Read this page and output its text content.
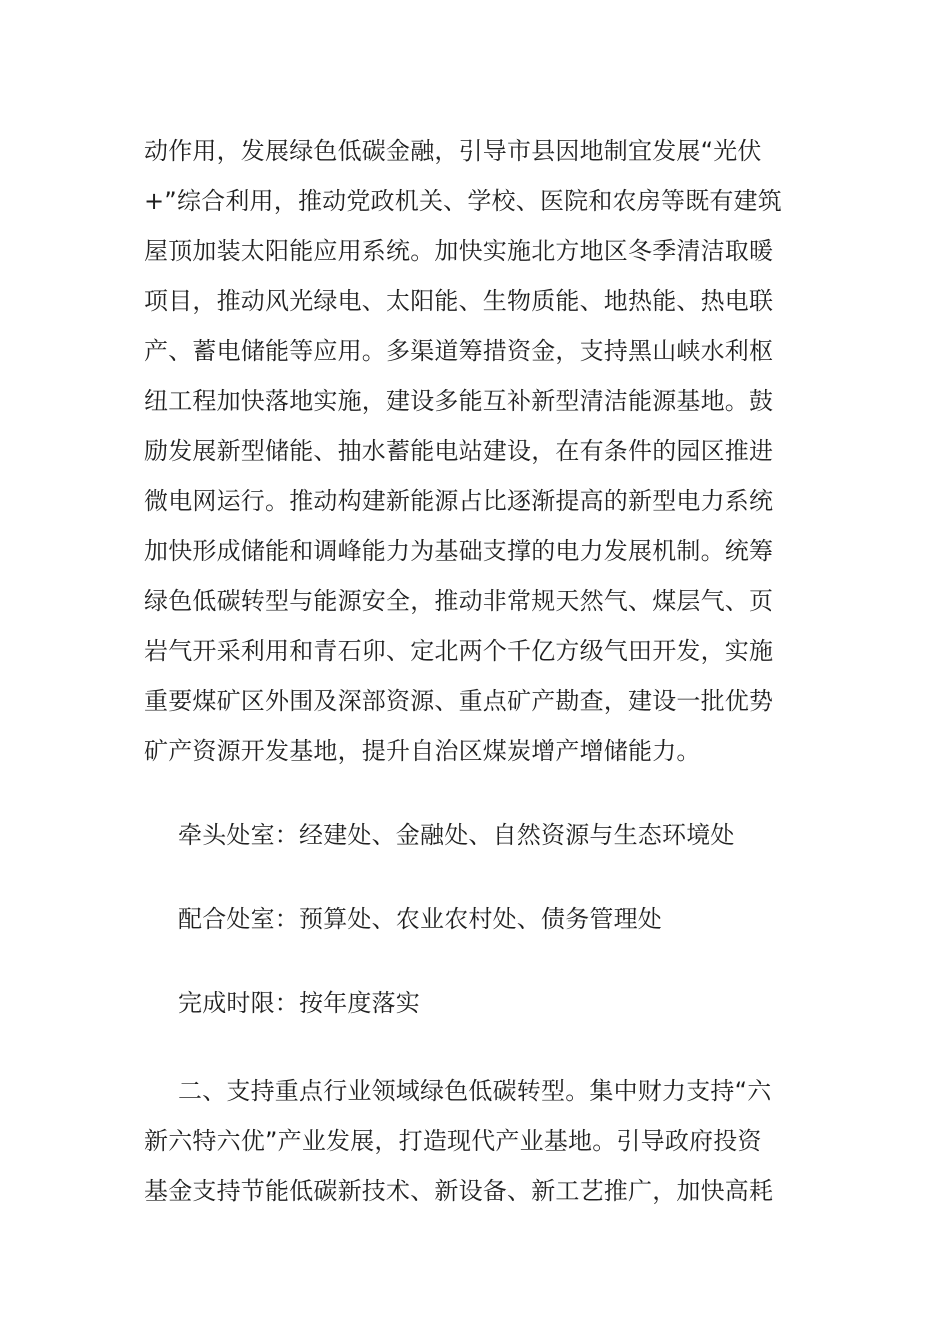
动作用，发展绿色低碳金融，引导市县因地制宜发展“光伏
+”综合利用，推动党政机关、学校、医院和农房等既有建筑
屋顶加装太阳能应用系统。加快实施北方地区冬季清洁取暖
项目，推动风光绿电、太阳能、生物质能、地热能、热电联
产、蓄电储能等应用。多渠道筹措资金，支持黑山峡水利枢
纽工程加快落地实施，建设多能互补新型清洁能源基地。鼓
励发展新型储能、抽水蓄能电站建设，在有条件的园区推进
微电网运行。推动构建新能源占比逐渐提高的新型电力系统
加快形成储能和调峰能力为基础支撑的电力发展机制。统筹
绿色低碳转型与能源安全，推动非常规天然气、煤层气、页
岩气开采利用和青石卯、定北两个千亿方级气田开发，实施
重要煤矿区外围及深部资源、重点矿产勘查，建设一批优势
矿产资源开发基地，提升自治区煤炭增产增储能力。
牵头处室：经建处、金融处、自然资源与生态环境处
配合处室：预算处、农业农村处、债务管理处
完成时限：按年度落实
二、支持重点行业领域绿色低碳转型。集中财力支持“六
新六特六优”产业发展，打造现代产业基地。引导政府投资
基金支持节能低碳新技术、新设备、新工艺推广，加快高耗
